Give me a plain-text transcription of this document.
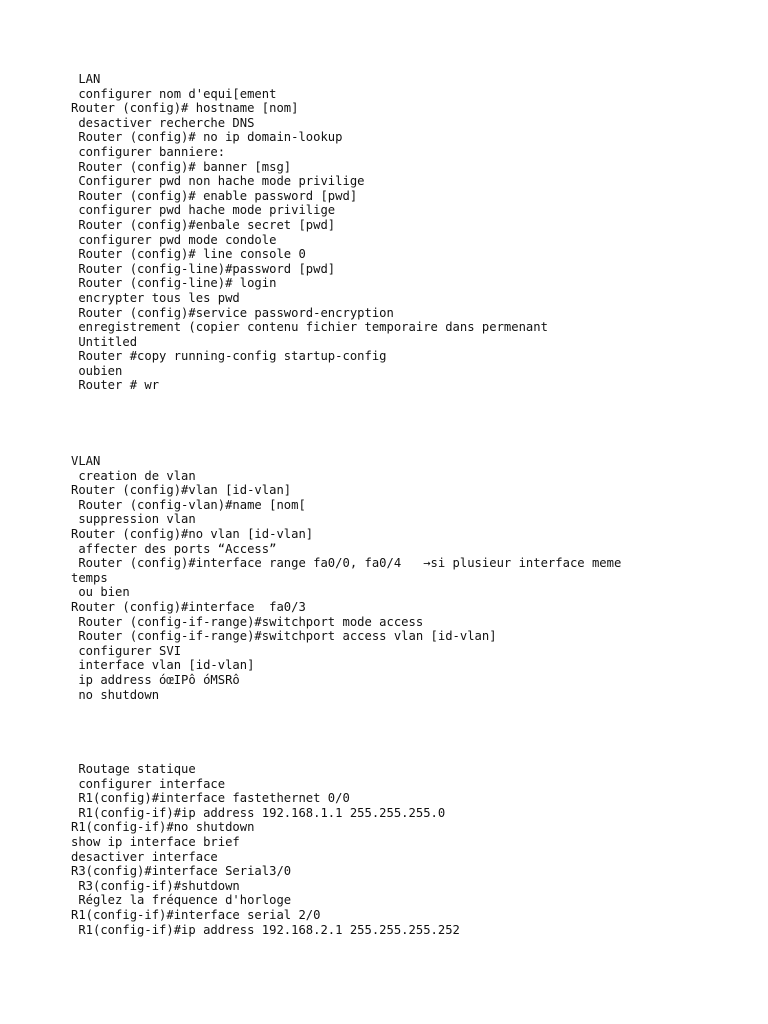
LAN
configurer nom d'equi[ement
Router (config)# hostname [nom]
desactiver recherche DNS
Router (config)# no ip domain-lookup
configurer banniere:
Router (config)# banner [msg]
Configurer pwd non hache mode privilige
Router (config)# enable password [pwd]
configurer pwd hache mode privilige
Router (config)#enbale secret [pwd]
configurer pwd mode condole
Router (config)# line console 0
Router (config-line)#password [pwd]
Router (config-line)# login
encrypter tous les pwd
Router (config)#service password-encryption
enregistrement (copier contenu fichier temporaire dans permenant
Untitled
Router #copy running-config startup-config
oubien
Router # wr
VLAN
creation de vlan
Router (config)#vlan [id-vlan]
Router (config-vlan)#name [nom[
suppression vlan
Router (config)#no vlan [id-vlan]
affecter des ports “Access”
Router (config)#interface range fa0/0, fa0/4   →si plusieur interface meme
temps
ou bien
Router (config)#interface  fa0/3
Router (config-if-range)#switchport mode access
Router (config-if-range)#switchport access vlan [id-vlan]
configurer SVI
interface vlan [id-vlan]
ip address óœIPô óMSRô
no shutdown
Routage statique
configurer interface
R1(config)#interface fastethernet 0/0
R1(config-if)#ip address 192.168.1.1 255.255.255.0
R1(config-if)#no shutdown
show ip interface brief
desactiver interface
R3(config)#interface Serial3/0
R3(config-if)#shutdown
Réglez la fréquence d'horloge
R1(config-if)#interface serial 2/0
R1(config-if)#ip address 192.168.2.1 255.255.255.252
